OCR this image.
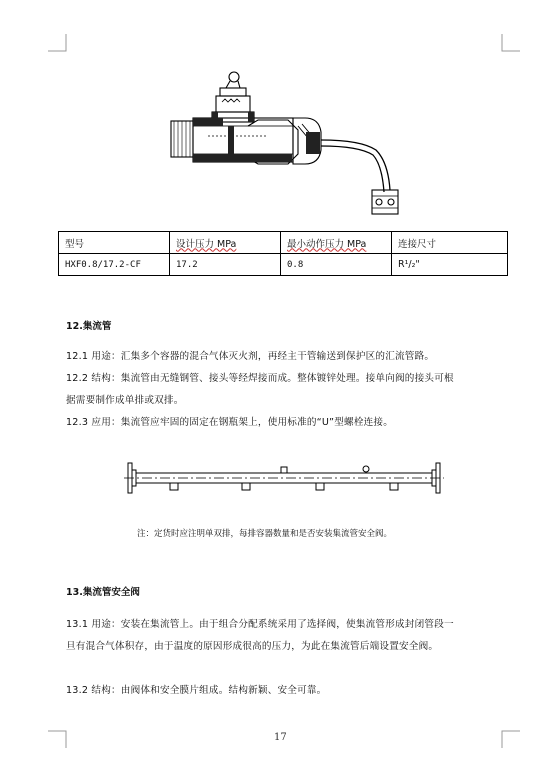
型号	设计压力 MPa	最小动作压力 MPa	连接尺寸
HXF0.8/17.2-CF	17.2	0.8	R¹/₂"
12.集流管
12.1 用途：汇集多个容器的混合气体灭火剂，再经主干管输送到保护区的汇流管路。
12.2 结构：集流管由无缝钢管、接头等经焊接而成。整体镀锌处理。接单向阀的接头可根
据需要制作成单排或双排。
12.3 应用：集流管应牢固的固定在钢瓶架上，使用标准的“U”型螺栓连接。
注：定货时应注明单双排，每排容器数量和是否安装集流管安全阀。
13.集流管安全阀
13.1 用途：安装在集流管上。由于组合分配系统采用了选择阀，使集流管形成封闭管段一
旦有混合气体积存，由于温度的原因形成很高的压力，为此在集流管后端设置安全阀。
13.2 结构：由阀体和安全膜片组成。结构新颖、安全可靠。
17
